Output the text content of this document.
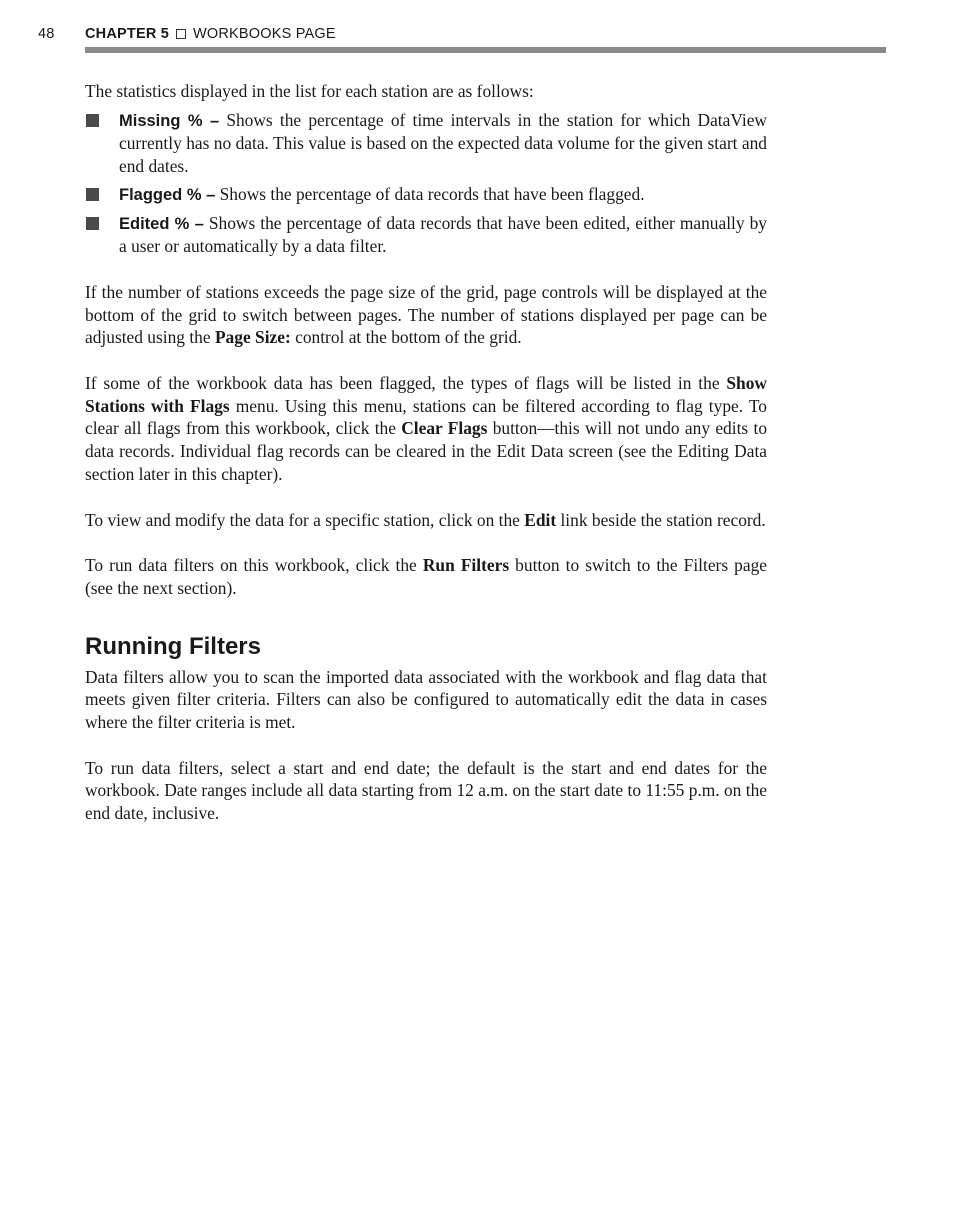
48 CHAPTER 5 WORKBOOKS PAGE

The statistics displayed in the list for each station are as follows:

Missing % – Shows the percentage of time intervals in the station for which DataView currently has no data. This value is based on the expected data volume for the given start and end dates.
Flagged % – Shows the percentage of data records that have been flagged.
Edited % – Shows the percentage of data records that have been edited, either manually by a user or automatically by a data filter.

If the number of stations exceeds the page size of the grid, page controls will be displayed at the bottom of the grid to switch between pages. The number of stations displayed per page can be adjusted using the Page Size: control at the bottom of the grid.

If some of the workbook data has been flagged, the types of flags will be listed in the Show Stations with Flags menu. Using this menu, stations can be filtered according to flag type. To clear all flags from this workbook, click the Clear Flags button—this will not undo any edits to data records. Individual flag records can be cleared in the Edit Data screen (see the Editing Data section later in this chapter).

To view and modify the data for a specific station, click on the Edit link beside the station record.

To run data filters on this workbook, click the Run Filters button to switch to the Filters page (see the next section).

Running Filters

Data filters allow you to scan the imported data associated with the workbook and flag data that meets given filter criteria. Filters can also be configured to automatically edit the data in cases where the filter criteria is met.

To run data filters, select a start and end date; the default is the start and end dates for the workbook. Date ranges include all data starting from 12 a.m. on the start date to 11:55 p.m. on the end date, inclusive.
